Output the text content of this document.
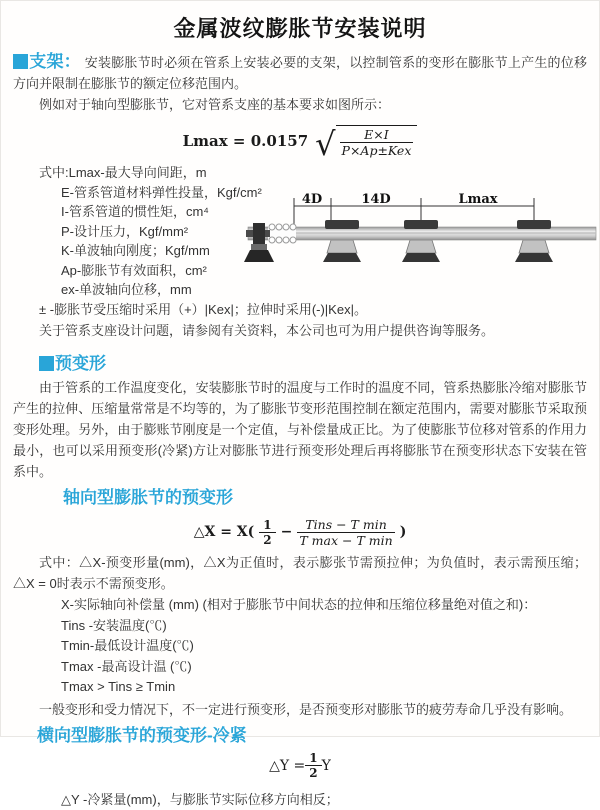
金属波纹膨胀节安装说明

支架： 安装膨胀节时必须在管系上安装必要的支架，以控制管系的变形在膨胀节上产生的位移方向并限制在膨胀节的额定位移范围内。

例如对于轴向型膨胀节，它对管系支座的基本要求如图所示：

Lmax = 0.0157 √ $\frac{E\times I}{\text{P×Ap±Kex}}$
式中:Lmax-最大导向间距，m
E-管系管道材料弹性投量，Kgf/cm²
I-管系管道的惯性矩，cm⁴
P-设计压力，Kgf/mm²
K-单波轴向刚度；Kgf/mm
Ap-膨胀节有效面积，cm²
ex-单波轴向位移，mm
4D	14D	Lmax

± -膨胀节受压缩时采用（+）|Kex|；拉伸时采用(-)|Kex|。

关于管系支座设计问题，请参阅有关资料，本公司也可为用户提供咨询等服务。

预变形

由于管系的工作温度变化，安装膨胀节时的温度与工作时的温度不同，管系热膨胀冷缩对膨胀节产生的拉伸、压缩量常常是不均等的，为了膨胀节变形范围控制在额定范围内，需要对膨胀节采取预变形处理。另外，由于膨账节刚度是一个定值，与补偿量成正比。为了使膨胀节位移对管系的作用力最小，也可以采用预变形(冷紧)方让对膨胀节进行预变形处理后再将膨胀节在预变形状态下安装在管系中。

轴向型膨胀节的预变形
△X = $X( \frac{1}{2} - \frac{\text{Tins − T min}}{\text{T max − T min}}$ )

式中：△X-预变形量(mm)，△X为正值时，表示膨张节需预拉伸；为负值时，表示需预压缩；△X = 0时表示不需预变形。

X-实际轴向补偿量 (mm) (相对于膨胀节中间状态的拉伸和压缩位移量绝对值之和)：
Tins -安装温度(℃)
Tmin-最低设计温度(℃)
Tmax -最高设计温 (℃)
Tmax > Tins ≥ Tmin

一般变形和受力情况下，不一定进行预变形，是否预变形对膨胀节的疲劳寿命几乎没有影响。

横向型膨胀节的预变形-冷紧
△Y = $\frac{1}{2}$ Y

△Y -冷紧量(mm)，与膨胀节实际位移方向相反；
